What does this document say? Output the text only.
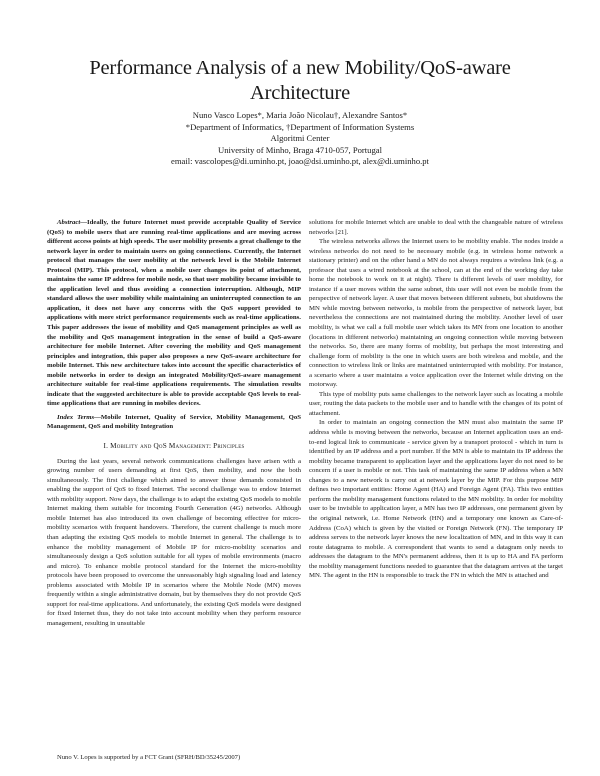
Performance Analysis of a new Mobility/QoS-aware Architecture
Nuno Vasco Lopes*, Maria João Nicolau†, Alexandre Santos*
*Department of Informatics, †Department of Information Systems
Algoritmi Center
University of Minho, Braga 4710-057, Portugal
email: vascolopes@di.uminho.pt, joao@dsi.uminho.pt, alex@di.uminho.pt

Abstract—Ideally, the future Internet must provide acceptable Quality of Service (QoS) to mobile users that are running real-time applications and are moving across different access points at high speeds. The user mobility presents a great challenge to the network layer in order to maintain users on going connections. Currently, the Internet protocol that manages the user mobility at the network level is the Mobile Internet Protocol (MIP). This protocol, when a mobile user changes its point of attachment, maintains the same IP address for mobile node, so that user mobility became invisible to the application level and thus avoiding a connection interruption. Although, MIP standard allows the user mobility while maintaining an uninterrupted connection to an application, it does not have any concerns with the QoS support provided to applications with more strict performance requirements such as real-time applications. This paper addresses the issue of mobility and QoS management principles as well as the mobility and QoS management integration in the sense of build a QoS-aware architecture for mobile Internet. After covering the mobility and QoS management principles and integration, this paper also proposes a new QoS-aware architecture for mobile Internet. This new architecture takes into account the specific characteristics of mobile networks in order to design an integrated Mobility/QoS-aware management architecture suitable for real-time applications requirements. The simulation results indicate that the suggested architecture is able to provide acceptable QoS levels to real-time applications that are running in mobiles devices.

Index Terms—Mobile Internet, Quality of Service, Mobility Management, QoS Management, QoS and mobility Integration

I. Mobility and QoS Management: Principles

During the last years, several network communications challenges have arisen with a growing number of users demanding at first QoS, then mobility, and now the both simultaneously. The first challenge which aimed to answer those demands consisted in enabling the support of QoS to fixed Internet. The second challenge was to endow Internet with mobility support. Now days, the challenge is to adapt the existing QoS models to mobile Internet making them suitable for incoming Fourth Generation (4G) networks. Although mobile Internet has also introduced its own challenge of becoming effective for micro-mobility scenarios with frequent handovers. Therefore, the current challenge is much more than adapting the existing QoS models to mobile Internet in general. The challenge is to enhance the mobility management of Mobile IP for micro-mobility scenarios and simultaneously design a QoS solution suitable for all types of mobile environments (macro and micro). To enhance mobile protocol standard for the Internet the micro-mobility protocols have been proposed to overcome the unreasonably high signaling load and latency problems associated with Mobile IP in scenarios where the Mobile Node (MN) moves frequently within a single administrative domain, but by themselves they do not provide QoS support for real-time applications. And unfortunately, the existing QoS models were designed for fixed Internet thus, they do not take into account mobility when they perform resource management, resulting in unsuitable

solutions for mobile Internet which are unable to deal with the changeable nature of wireless networks [21].

The wireless networks allows the Internet users to be mobility enable. The nodes inside a wireless networks do not need to be necessary mobile (e.g. in wireless home network a stationary printer) and on the other hand a MN do not always requires a wireless link (e.g. a professor that uses a wired notebook at the school, can at the end of the working day take home the notebook to work on it at night). There is different levels of user mobility, for instance if a user moves within the same subnet, this user will not even be mobile from the perspective of network layer. A user that moves between different subnets, but shutdowns the MN while moving between networks, is mobile from the perspective of network layer, but nevertheless the connections are not maintained during the mobility. Another level of user mobility, is what we call a full mobile user which takes its MN from one location to another (locations in different networks) maintaining an ongoing connection while moving between the networks. So, there are many forms of mobility, but perhaps the most interesting and challenge form of mobility is the one in which users are both wireless and mobile, and the connection to wireless link or links are maintained uninterrupted with mobility. For instance, a scenario where a user maintains a voice application over the Internet while driving on the motorway.

This type of mobility puts same challenges to the network layer such as locating a mobile user, routing the data packets to the mobile user and to handle with the changes of its point of attachment.

In order to maintain an ongoing connection the MN must also maintain the same IP address while is moving between the networks, because an Internet application uses an end-to-end logical link to communicate - service given by a transport protocol - which in turn is identified by an IP address and a port number. If the MN is able to maintain its IP address the mobility became transparent to application layer and the applications layer do not need to be concern if a user is mobile or not. This task of maintaining the same IP address when a MN changes to a new network is carry out at network layer by the MIP. For this purpose MIP defines two important entities: Home Agent (HA) and Foreign Agent (FA). This two entities perform the mobility management functions related to the MN mobility. In order for mobility user to be invisible to application layer, a MN has two IP addresses, one permanent given by the original network, i.e. Home Network (HN) and a temporary one known as Care-of-Address (CoA) which is given by the visited or Foreign Network (FN). The temporary IP address serves to the network layer knows the new localization of MN, and in this way it can route datagrams to mobile. A correspondent that wants to send a datagram only needs to addresses the datagram to the MN's permanent address, then it is up to HA and FA perform the mobility management functions needed to guarantee that the datagram arrives at the target MN. The agent in the HN is responsible to track the FN in which the MN is attached and

Nuno V. Lopes is supported by a FCT Grant (SFRH/BD/35245/2007)
